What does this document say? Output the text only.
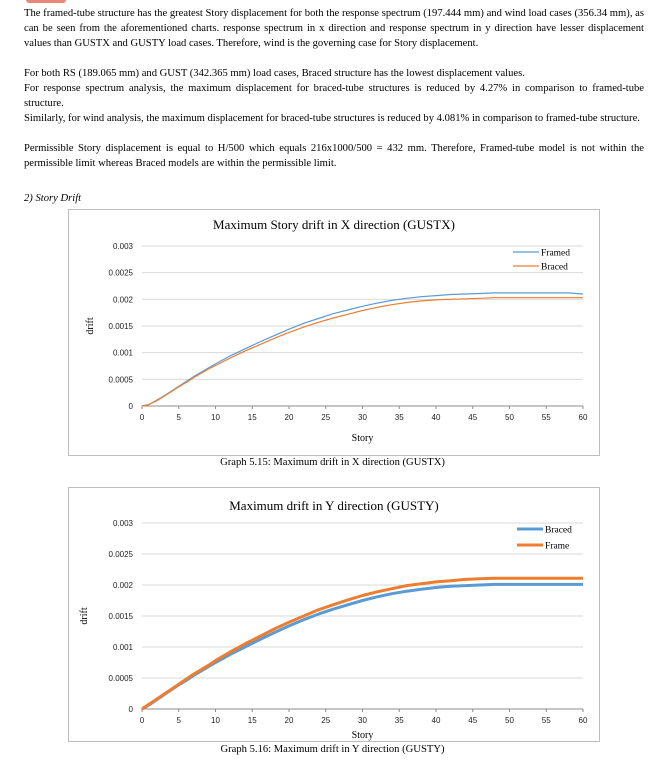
The framed-tube structure has the greatest Story displacement for both the response spectrum (197.444 mm) and wind load cases (356.34 mm), as can be seen from the aforementioned charts. response spectrum in x direction and response spectrum in y direction have lesser displacement values than GUSTX and GUSTY load cases. Therefore, wind is the governing case for Story displacement.

For both RS (189.065 mm) and GUST (342.365 mm) load cases, Braced structure has the lowest displacement values.

For response spectrum analysis, the maximum displacement for braced-tube structures is reduced by 4.27% in comparison to framed-tube structure.

Similarly, for wind analysis, the maximum displacement for braced-tube structures is reduced by 4.081% in comparison to framed-tube structure.

Permissible Story displacement is equal to H/500 which equals 216x1000/500 = 432 mm. Therefore, Framed-tube model is not within the permissible limit whereas Braced models are within the permissible limit.

2) Story Drift

Maximum Story drift in X direction (GUSTX)
0
0.0005
0.001
0.0015
0.002
0.0025
0.003
0	5	10	15	20	25	30	35	40	45	50	55	60
Story
drift
Framed
Braced
Graph 5.15: Maximum drift in X direction (GUSTX)
Maximum drift in Y direction (GUSTY)
0
0.0005
0.001
0.0015
0.002
0.0025
0.003
0	5	10	15	20	25	30	35	40	45	50	55	60
Story
drift
Braced
Frame
Graph 5.16: Maximum drift in Y direction (GUSTY)
